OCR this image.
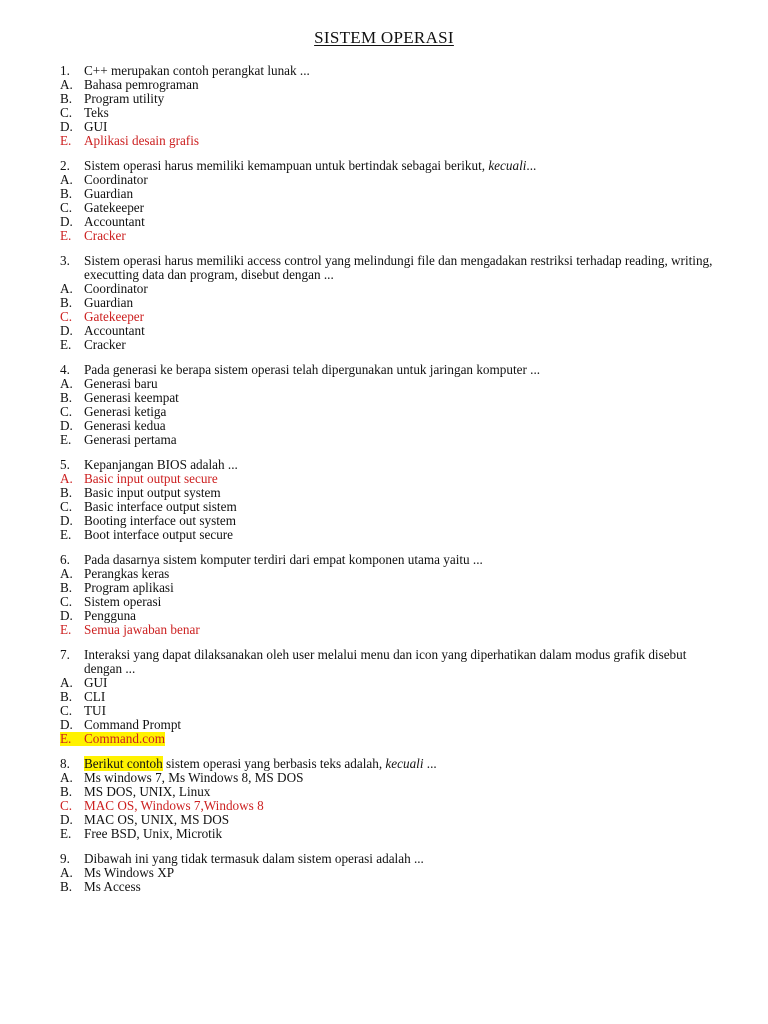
SISTEM OPERASI
1.	C++ merupakan contoh perangkat lunak ...
A. Bahasa pemrograman
B. Program utility
C. Teks
D. GUI
E. Aplikasi desain grafis
2.	Sistem operasi harus memiliki kemampuan untuk bertindak sebagai berikut, kecuali...
A. Coordinator
B. Guardian
C. Gatekeeper
D. Accountant
E. Cracker
3.	Sistem operasi harus memiliki access control yang melindungi file dan mengadakan restriksi terhadap reading, writing, executting data dan program, disebut dengan ...
A. Coordinator
B. Guardian
C. Gatekeeper
D. Accountant
E. Cracker
4.	Pada generasi ke berapa sistem operasi telah dipergunakan untuk jaringan komputer ...
A. Generasi baru
B. Generasi keempat
C. Generasi ketiga
D. Generasi kedua
E. Generasi pertama
5.	Kepanjangan BIOS adalah ...
A. Basic input output secure
B. Basic input output system
C. Basic interface output sistem
D. Booting interface out system
E. Boot interface output secure
6.	Pada dasarnya sistem komputer terdiri dari empat komponen utama yaitu ...
A. Perangkas keras
B. Program aplikasi
C. Sistem operasi
D. Pengguna
E. Semua jawaban benar
7.	Interaksi yang dapat dilaksanakan oleh user melalui menu dan icon yang diperhatikan dalam modus grafik disebut dengan ...
A. GUI
B. CLI
C. TUI
D. Command Prompt
E. Command.com
8.	Berikut contoh sistem operasi yang berbasis teks adalah, kecuali ...
A. Ms windows 7, Ms Windows 8, MS DOS
B. MS DOS, UNIX, Linux
C. MAC OS, Windows 7,Windows 8
D. MAC OS, UNIX, MS DOS
E. Free BSD, Unix, Microtik
9.	Dibawah ini yang tidak termasuk dalam sistem operasi adalah ...
A. Ms Windows XP
B. Ms Access
